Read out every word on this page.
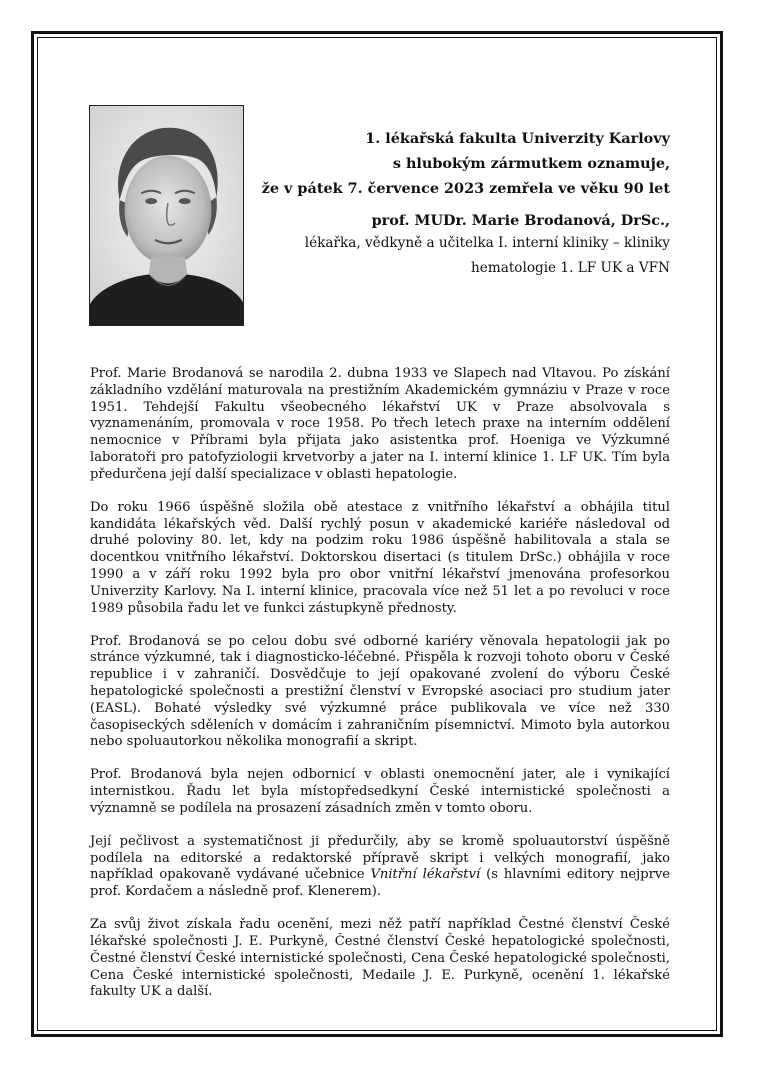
1. lékařská fakulta Univerzity Karlovy
s hlubokým zármutkem oznamuje,
že v pátek 7. července 2023 zemřela ve věku 90 let
prof. MUDr. Marie Brodanová, DrSc.,
lékařka, vědkyně a učitelka I. interní kliniky – kliniky
hematologie 1. LF UK a VFN

Prof. Marie Brodanová se narodila 2. dubna 1933 ve Slapech nad Vltavou. Po získání základního vzdělání maturovala na prestižním Akademickém gymnáziu v Praze v roce 1951. Tehdejší Fakultu všeobecného lékařství UK v Praze absolvovala s vyznamenáním, promovala v roce 1958. Po třech letech praxe na interním oddělení nemocnice v Příbrami byla přijata jako asistentka prof. Hoeniga ve Výzkumné laboratoři pro patofyziologii krvetvorby a jater na I. interní klinice 1. LF UK. Tím byla předurčena její další specializace v oblasti hepatologie.

Do roku 1966 úspěšně složila obě atestace z vnitřního lékařství a obhájila titul kandidáta lékařských věd. Další rychlý posun v akademické kariéře následoval od druhé poloviny 80. let, kdy na podzim roku 1986 úspěšně habilitovala a stala se docentkou vnitřního lékařství. Doktorskou disertaci (s titulem DrSc.) obhájila v roce 1990 a v září roku 1992 byla pro obor vnitřní lékařství jmenována profesorkou Univerzity Karlovy. Na I. interní klinice, pracovala více než 51 let a po revoluci v roce 1989 působila řadu let ve funkci zástupkyně přednosty.

Prof. Brodanová se po celou dobu své odborné kariéry věnovala hepatologii jak po stránce výzkumné, tak i diagnosticko-léčebné. Přispěla k rozvoji tohoto oboru v České republice i v zahraničí. Dosvědčuje to její opakované zvolení do výboru České hepatologické společnosti a prestižní členství v Evropské asociaci pro studium jater (EASL). Bohaté výsledky své výzkumné práce publikovala ve více než 330 časopiseckých sděleních v domácím i zahraničním písemnictví. Mimoto byla autorkou nebo spoluautorkou několika monografií a skript.

Prof. Brodanová byla nejen odbornicí v oblasti onemocnění jater, ale i vynikající internistkou. Řadu let byla místopředsedkyní České internistické společnosti a významně se podílela na prosazení zásadních změn v tomto oboru.

Její pečlivost a systematičnost ji předurčily, aby se kromě spoluautorství úspěšně podílela na editorské a redaktorské přípravě skript i velkých monografií, jako například opakovaně vydávané učebnice Vnitřní lékařství (s hlavními editory nejprve prof. Kordačem a následně prof. Klenerem).

Za svůj život získala řadu ocenění, mezi něž patří například Čestné členství České lékařské společnosti J. E. Purkyně, Čestné členství České hepatologické společnosti, Čestné členství České internistické společnosti, Cena České hepatologické společnosti, Cena České internistické společnosti, Medaile J. E. Purkyně, ocenění 1. lékařské fakulty UK a další.
